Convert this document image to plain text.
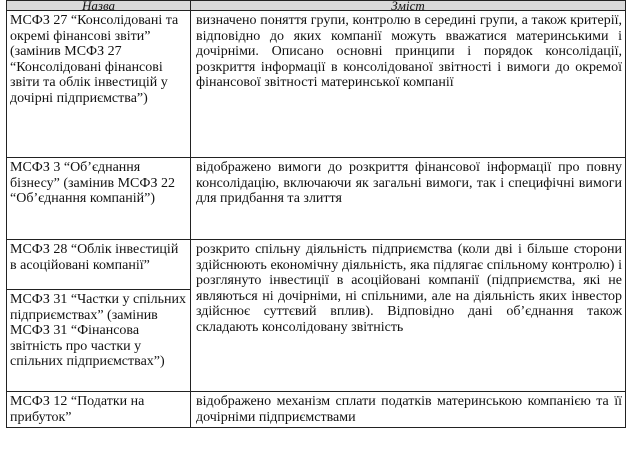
Назва	Зміст
МСФЗ 27 “Консолідовані та окремі фінансові звіти” (замінив МСФЗ 27 “Консолідовані фінансові звіти та облік інвестицій у дочірні підприємства”)	визначено поняття групи, контролю в середині групи, а також критерії, відповідно до яких компанії можуть вважатися материнськими і дочірніми. Описано основні принципи і порядок консолідації, розкриття інформації в консолідованої звітності і вимоги до окремої фінансової звітності материнської компанії
МСФЗ 3 “Об’єднання бізнесу” (замінив МСФЗ 22 “Об’єднання компаній”)	відображено вимоги до розкриття фінансової інформації про повну консолідацію, включаючи як загальні вимоги, так і специфічні вимоги для придбання та злиття
МСФЗ 28 “Облік інвестицій в асоційовані компанії”	розкрито спільну діяльність підприємства (коли дві і більше сторони здійснюють економічну діяльність, яка підлягає спільному контролю) і розглянуто інвестиції в асоційовані компанії (підприємства, які не являються ні дочірніми, ні спільними, але на діяльність яких інвестор здійснює суттєвий вплив). Відповідно дані об’єднання також складають консолідовану звітність
МСФЗ 31 “Частки у спільних підприємствах” (замінив МСФЗ 31 “Фінансова звітність про частки у спільних підприємствах”)	
МСФЗ 12 “Податки на прибуток”	відображено механізм сплати податків материнською компанією та її дочірніми підприємствами
